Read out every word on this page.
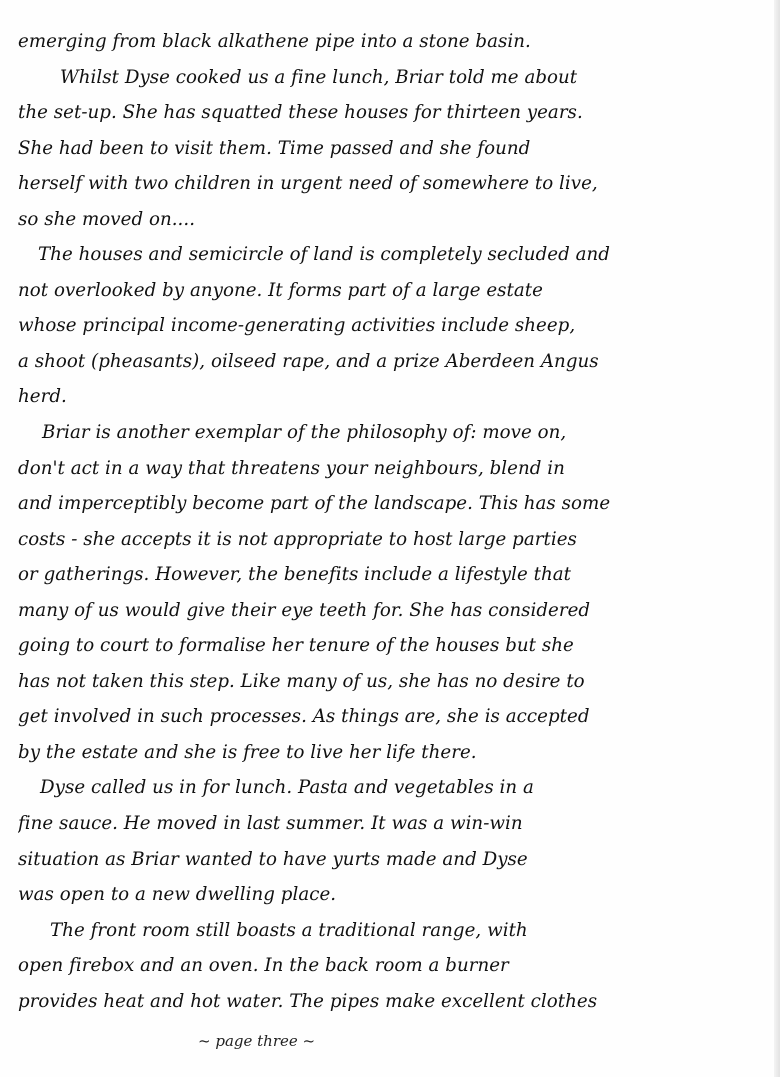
emerging from black alkathene pipe into a stone basin.
Whilst Dyse cooked us a fine lunch, Briar told me about
the set-up. She has squatted these houses for thirteen years.
She had been to visit them. Time passed and she found
herself with two children in urgent need of somewhere to live,
so she moved on....
The houses and semicircle of land is completely secluded and
not overlooked by anyone. It forms part of a large estate
whose principal income-generating activities include sheep,
a shoot (pheasants), oilseed rape, and a prize Aberdeen Angus
herd.
Briar is another exemplar of the philosophy of: move on,
don't act in a way that threatens your neighbours, blend in
and imperceptibly become part of the landscape. This has some
costs - she accepts it is not appropriate to host large parties
or gatherings. However, the benefits include a lifestyle that
many of us would give their eye teeth for. She has considered
going to court to formalise her tenure of the houses but she
has not taken this step. Like many of us, she has no desire to
get involved in such processes. As things are, she is accepted
by the estate and she is free to live her life there.
Dyse called us in for lunch. Pasta and vegetables in a
fine sauce. He moved in last summer. It was a win-win
situation as Briar wanted to have yurts made and Dyse
was open to a new dwelling place.
The front room still boasts a traditional range, with
open firebox and an oven. In the back room a burner
provides heat and hot water. The pipes make excellent clothes
~ page three ~
